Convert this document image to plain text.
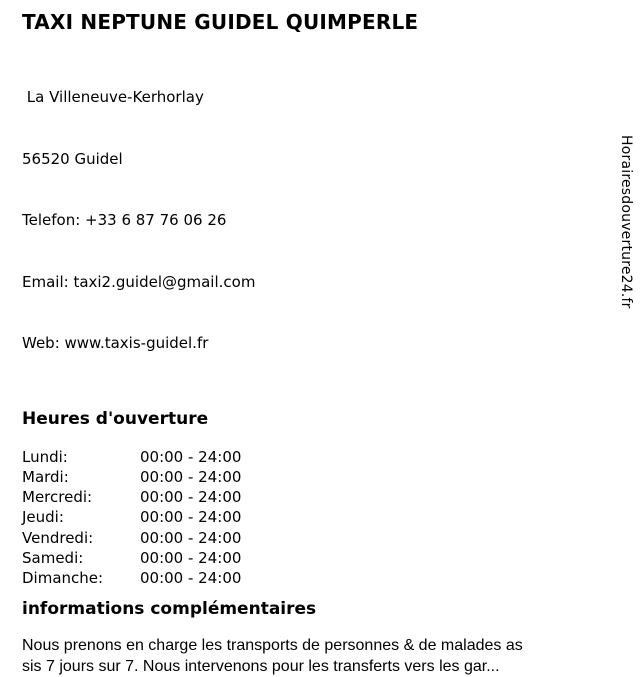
TAXI NEPTUNE GUIDEL QUIMPERLE

La Villeneuve-Kerhorlay

56520 Guidel

Telefon: +33 6 87 76 06 26

Email: taxi2.guidel@gmail.com

Web: www.taxis-guidel.fr

Heures d'ouverture
Lundi:	00:00 - 24:00
Mardi:	00:00 - 24:00
Mercredi:	00:00 - 24:00
Jeudi:	00:00 - 24:00
Vendredi:	00:00 - 24:00
Samedi:	00:00 - 24:00
Dimanche:	00:00 - 24:00
informations complémentaires
Nous prenons en charge les transports de personnes & de malades as
sis 7 jours sur 7. Nous intervenons pour les transferts vers les gar...
Horairesdouverture24.fr
